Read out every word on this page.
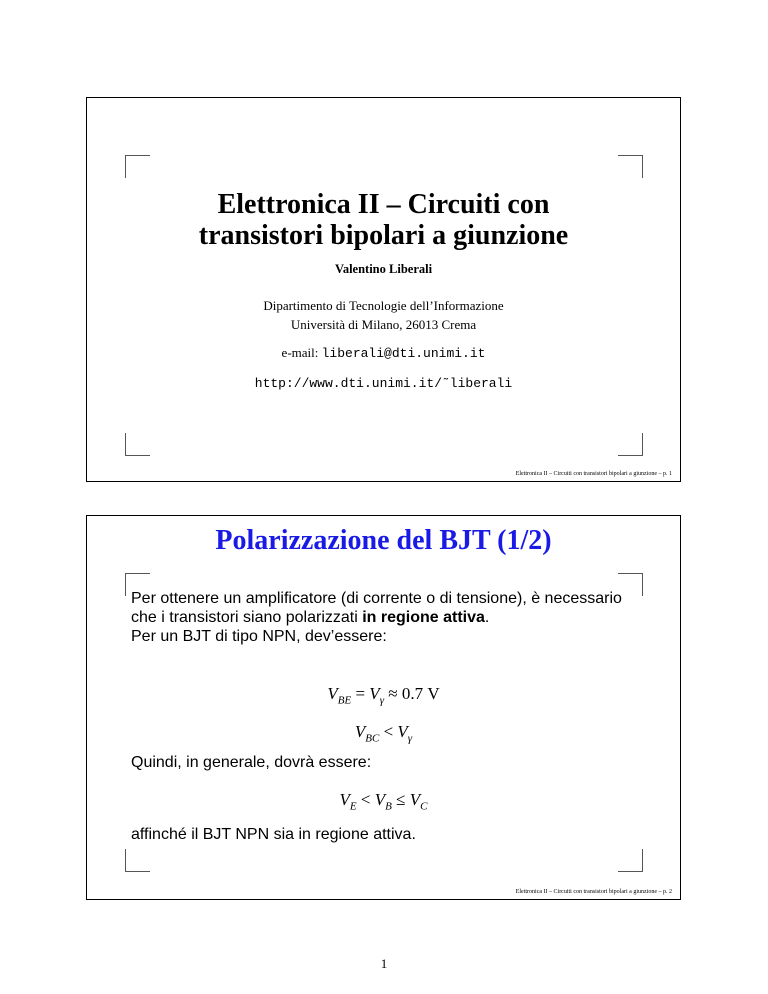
Elettronica II – Circuiti con
transistori bipolari a giunzione
Valentino Liberali
Dipartimento di Tecnologie dell’Informazione
Università di Milano, 26013 Crema
e-mail: liberali@dti.unimi.it
http://www.dti.unimi.it/˜liberali
Elettronica II – Circuiti con transistori bipolari a giunzione – p. 1
Polarizzazione del BJT (1/2)
Per ottenere un amplificatore (di corrente o di tensione), è necessario che i transistori siano polarizzati in regione attiva.
Per un BJT di tipo NPN, dev’essere:
$V_{BE} = V_\gamma \approx 0.7$ V
$V_{BC} < V_\gamma$
Quindi, in generale, dovrà essere:
$V_E < V_B \le V_C$
affinché il BJT NPN sia in regione attiva.
Elettronica II – Circuiti con transistori bipolari a giunzione – p. 2
1
